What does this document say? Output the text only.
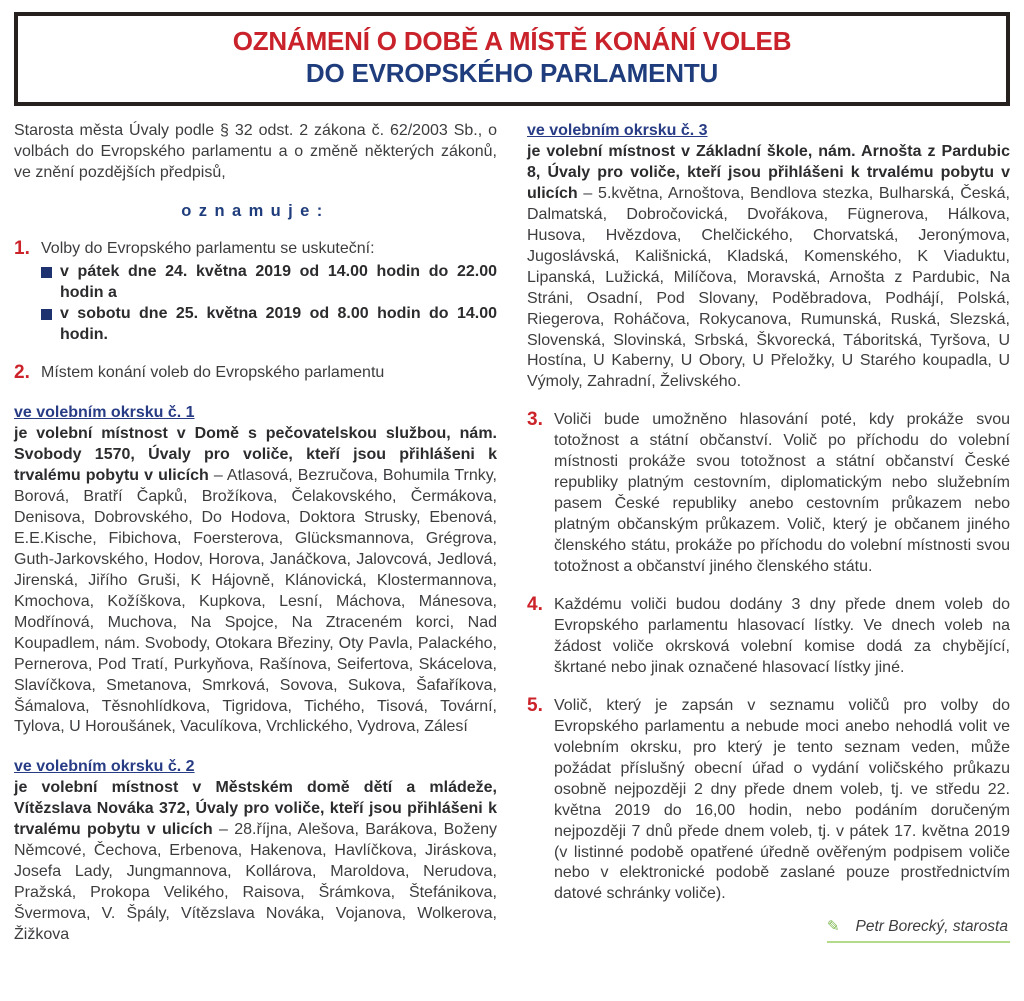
OZNÁMENÍ O DOBĚ A MÍSTĚ KONÁNÍ VOLEB
DO EVROPSKÉHO PARLAMENTU

Starosta města Úvaly podle § 32 odst. 2 zákona č. 62/2003 Sb., o volbách do Evropského parlamentu a o změně některých zákonů, ve znění pozdějších předpisů,

oznamuje:
1. Volby do Evropského parlamentu se uskuteční:

v pátek dne 24. května 2019 od 14.00 hodin do 22.00 hodin a
v sobotu dne 25. května 2019 od 8.00 hodin do 14.00 hodin.
2. Místem konání voleb do Evropského parlamentu

ve volebním okrsku č. 1

je volební místnost v Domě s pečovatelskou službou, nám. Svobody 1570, Úvaly pro voliče, kteří jsou přihlášeni k trvalému pobytu v ulicích – Atlasová, Bezručova, Bohumila Trnky, Borová, Bratří Čapků, Brožíkova, Čelakovského, Čermákova, Denisova, Dobrovského, Do Hodova, Doktora Strusky, Ebenová, E.E.Kische, Fibichova, Foersterova, Glücksmannova, Grégrova, Guth-Jarkovského, Hodov, Horova, Janáčkova, Jalovcová, Jedlová, Jirenská, Jiřího Gruši, K Hájovně, Klánovická, Klostermannova, Kmochova, Kožíškova, Kupkova, Lesní, Máchova, Mánesova, Modřínová, Muchova, Na Spojce, Na Ztraceném korci, Nad Koupadlem, nám. Svobody, Otokara Březiny, Oty Pavla, Palackého, Pernerova, Pod Tratí, Purkyňova, Rašínova, Seifertova, Skácelova, Slavíčkova, Smetanova, Smrková, Sovova, Sukova, Šafaříkova, Šámalova, Těsnohlídkova, Tigridova, Tichého, Tisová, Tovární, Tylova, U Horoušánek, Vaculíkova, Vrchlického, Vydrova, Zálesí

ve volebním okrsku č. 2

je volební místnost v Městském domě dětí a mládeže, Vítězslava Nováka 372, Úvaly pro voliče, kteří jsou přihlášeni k trvalému pobytu v ulicích – 28.října, Alešova, Barákova, Boženy Němcové, Čechova, Erbenova, Hakenova, Havlíčkova, Jiráskova, Josefa Lady, Jungmannova, Kollárova, Maroldova, Nerudova, Pražská, Prokopa Velikého, Raisova, Šrámkova, Štefánikova, Švermova, V. Špály, Vítězslava Nováka, Vojanova, Wolkerova, Žižkova

ve volebním okrsku č. 3

je volební místnost v Základní škole, nám. Arnošta z Pardubic 8, Úvaly pro voliče, kteří jsou přihlášeni k trvalému pobytu v ulicích – 5.května, Arnoštova, Bendlova stezka, Bulharská, Česká, Dalmatská, Dobročovická, Dvořákova, Fügnerova, Hálkova, Husova, Hvězdova, Chelčického, Chorvatská, Jeronýmova, Jugoslávská, Kališnická, Kladská, Komenského, K Viaduktu, Lipanská, Lužická, Milíčova, Moravská, Arnošta z Pardubic, Na Stráni, Osadní, Pod Slovany, Poděbradova, Podhájí, Polská, Riegerova, Roháčova, Rokycanova, Rumunská, Ruská, Slezská, Slovenská, Slovinská, Srbská, Škvorecká, Táboritská, Tyršova, U Hostína, U Kaberny, U Obory, U Přeložky, U Starého koupadla, U Výmoly, Zahradní, Želivského.

3. Voliči bude umožněno hlasování poté, kdy prokáže svou totožnost a státní občanství. Volič po příchodu do volební místnosti prokáže svou totožnost a státní občanství České republiky platným cestovním, diplomatickým nebo služebním pasem České republiky anebo cestovním průkazem nebo platným občanským průkazem. Volič, který je občanem jiného členského státu, prokáže po příchodu do volební místnosti svou totožnost a občanství jiného členského státu.

4. Každému voliči budou dodány 3 dny přede dnem voleb do Evropského parlamentu hlasovací lístky. Ve dnech voleb na žádost voliče okrsková volební komise dodá za chybějící, škrtané nebo jinak označené hlasovací lístky jiné.

5. Volič, který je zapsán v seznamu voličů pro volby do Evropského parlamentu a nebude moci anebo nehodlá volit ve volebním okrsku, pro který je tento seznam veden, může požádat příslušný obecní úřad o vydání voličského průkazu osobně nejpozději 2 dny přede dnem voleb, tj. ve středu 22. května 2019 do 16,00 hodin, nebo podáním doručeným nejpozději 7 dnů přede dnem voleb, tj. v pátek 17. května 2019 (v listinné podobě opatřené úředně ověřeným podpisem voliče nebo v elektronické podobě zaslané pouze prostřednictvím datové schránky voliče).

✎ Petr Borecký, starosta
